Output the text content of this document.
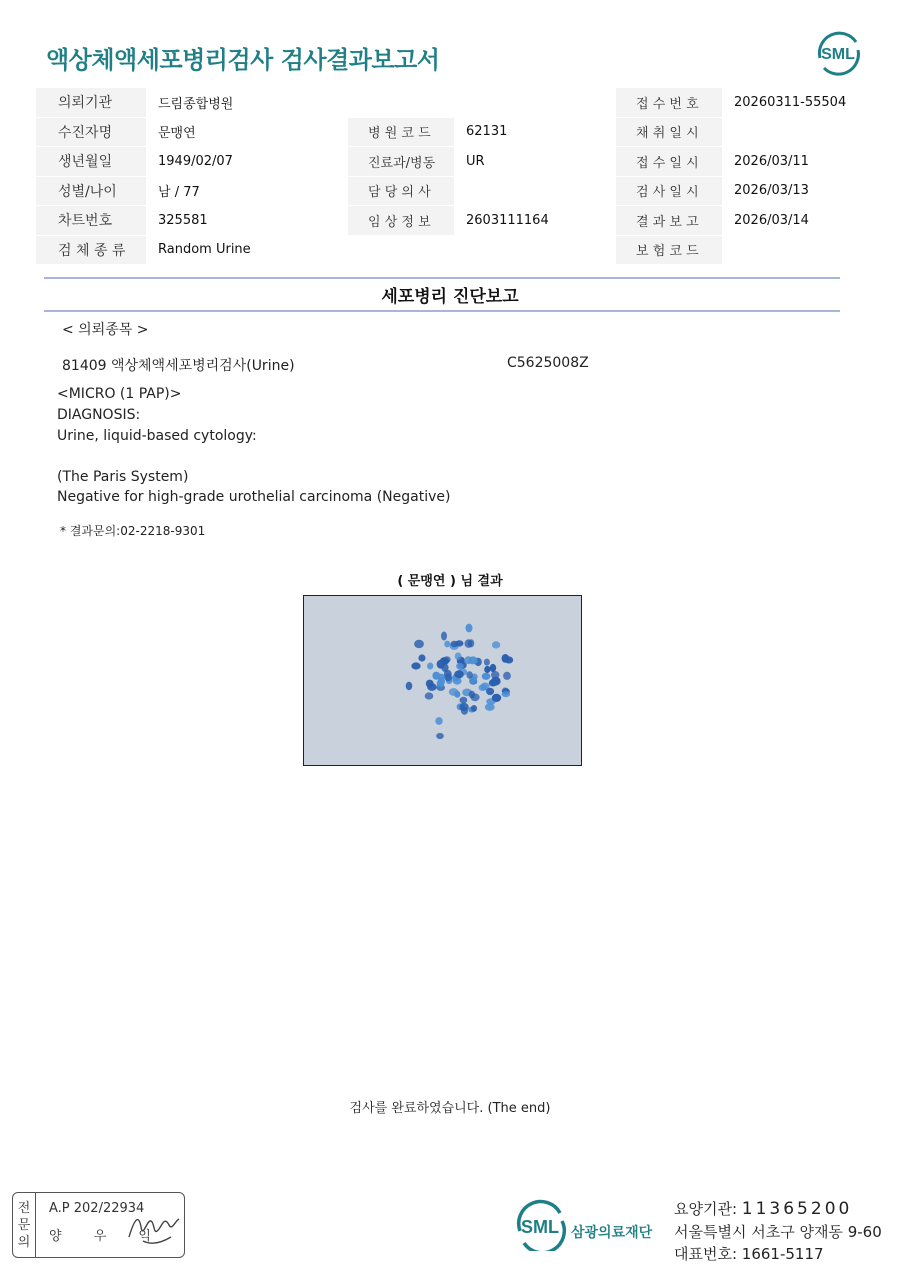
액상체액세포병리검사 검사결과보고서	SML
의뢰기관	드림종합병원			접 수 번 호	20260311-55504
수진자명	문맹연	병 원 코 드	62131	채 취 일 시	
생년월일	1949/02/07	진료과/병동	UR	접 수 일 시	2026/03/11
성별/나이	남 / 77	담 당 의 사		검 사 일 시	2026/03/13
차트번호	325581	임 상 정 보	2603111164	결 과 보 고	2026/03/14
검 체 종 류	Random Urine			보 험 코 드	
세포병리 진단보고
< 의뢰종목 >
81409 액상체액세포병리검사(Urine)	C5625008Z
<MICRO (1 PAP)>
DIAGNOSIS:
Urine, liquid-based cytology:
(The Paris System)
Negative for high-grade urothelial carcinoma (Negative)
* 결과문의:02-2218-9301
( 문맹연 ) 님 결과
검사를 완료하였습니다. (The end)
전
문
의
A.P 202/22934
양 우 익	SML 삼광의료재단
요양기관: 11365200
서울특별시 서초구 양재동 9-60
대표번호: 1661-5117
